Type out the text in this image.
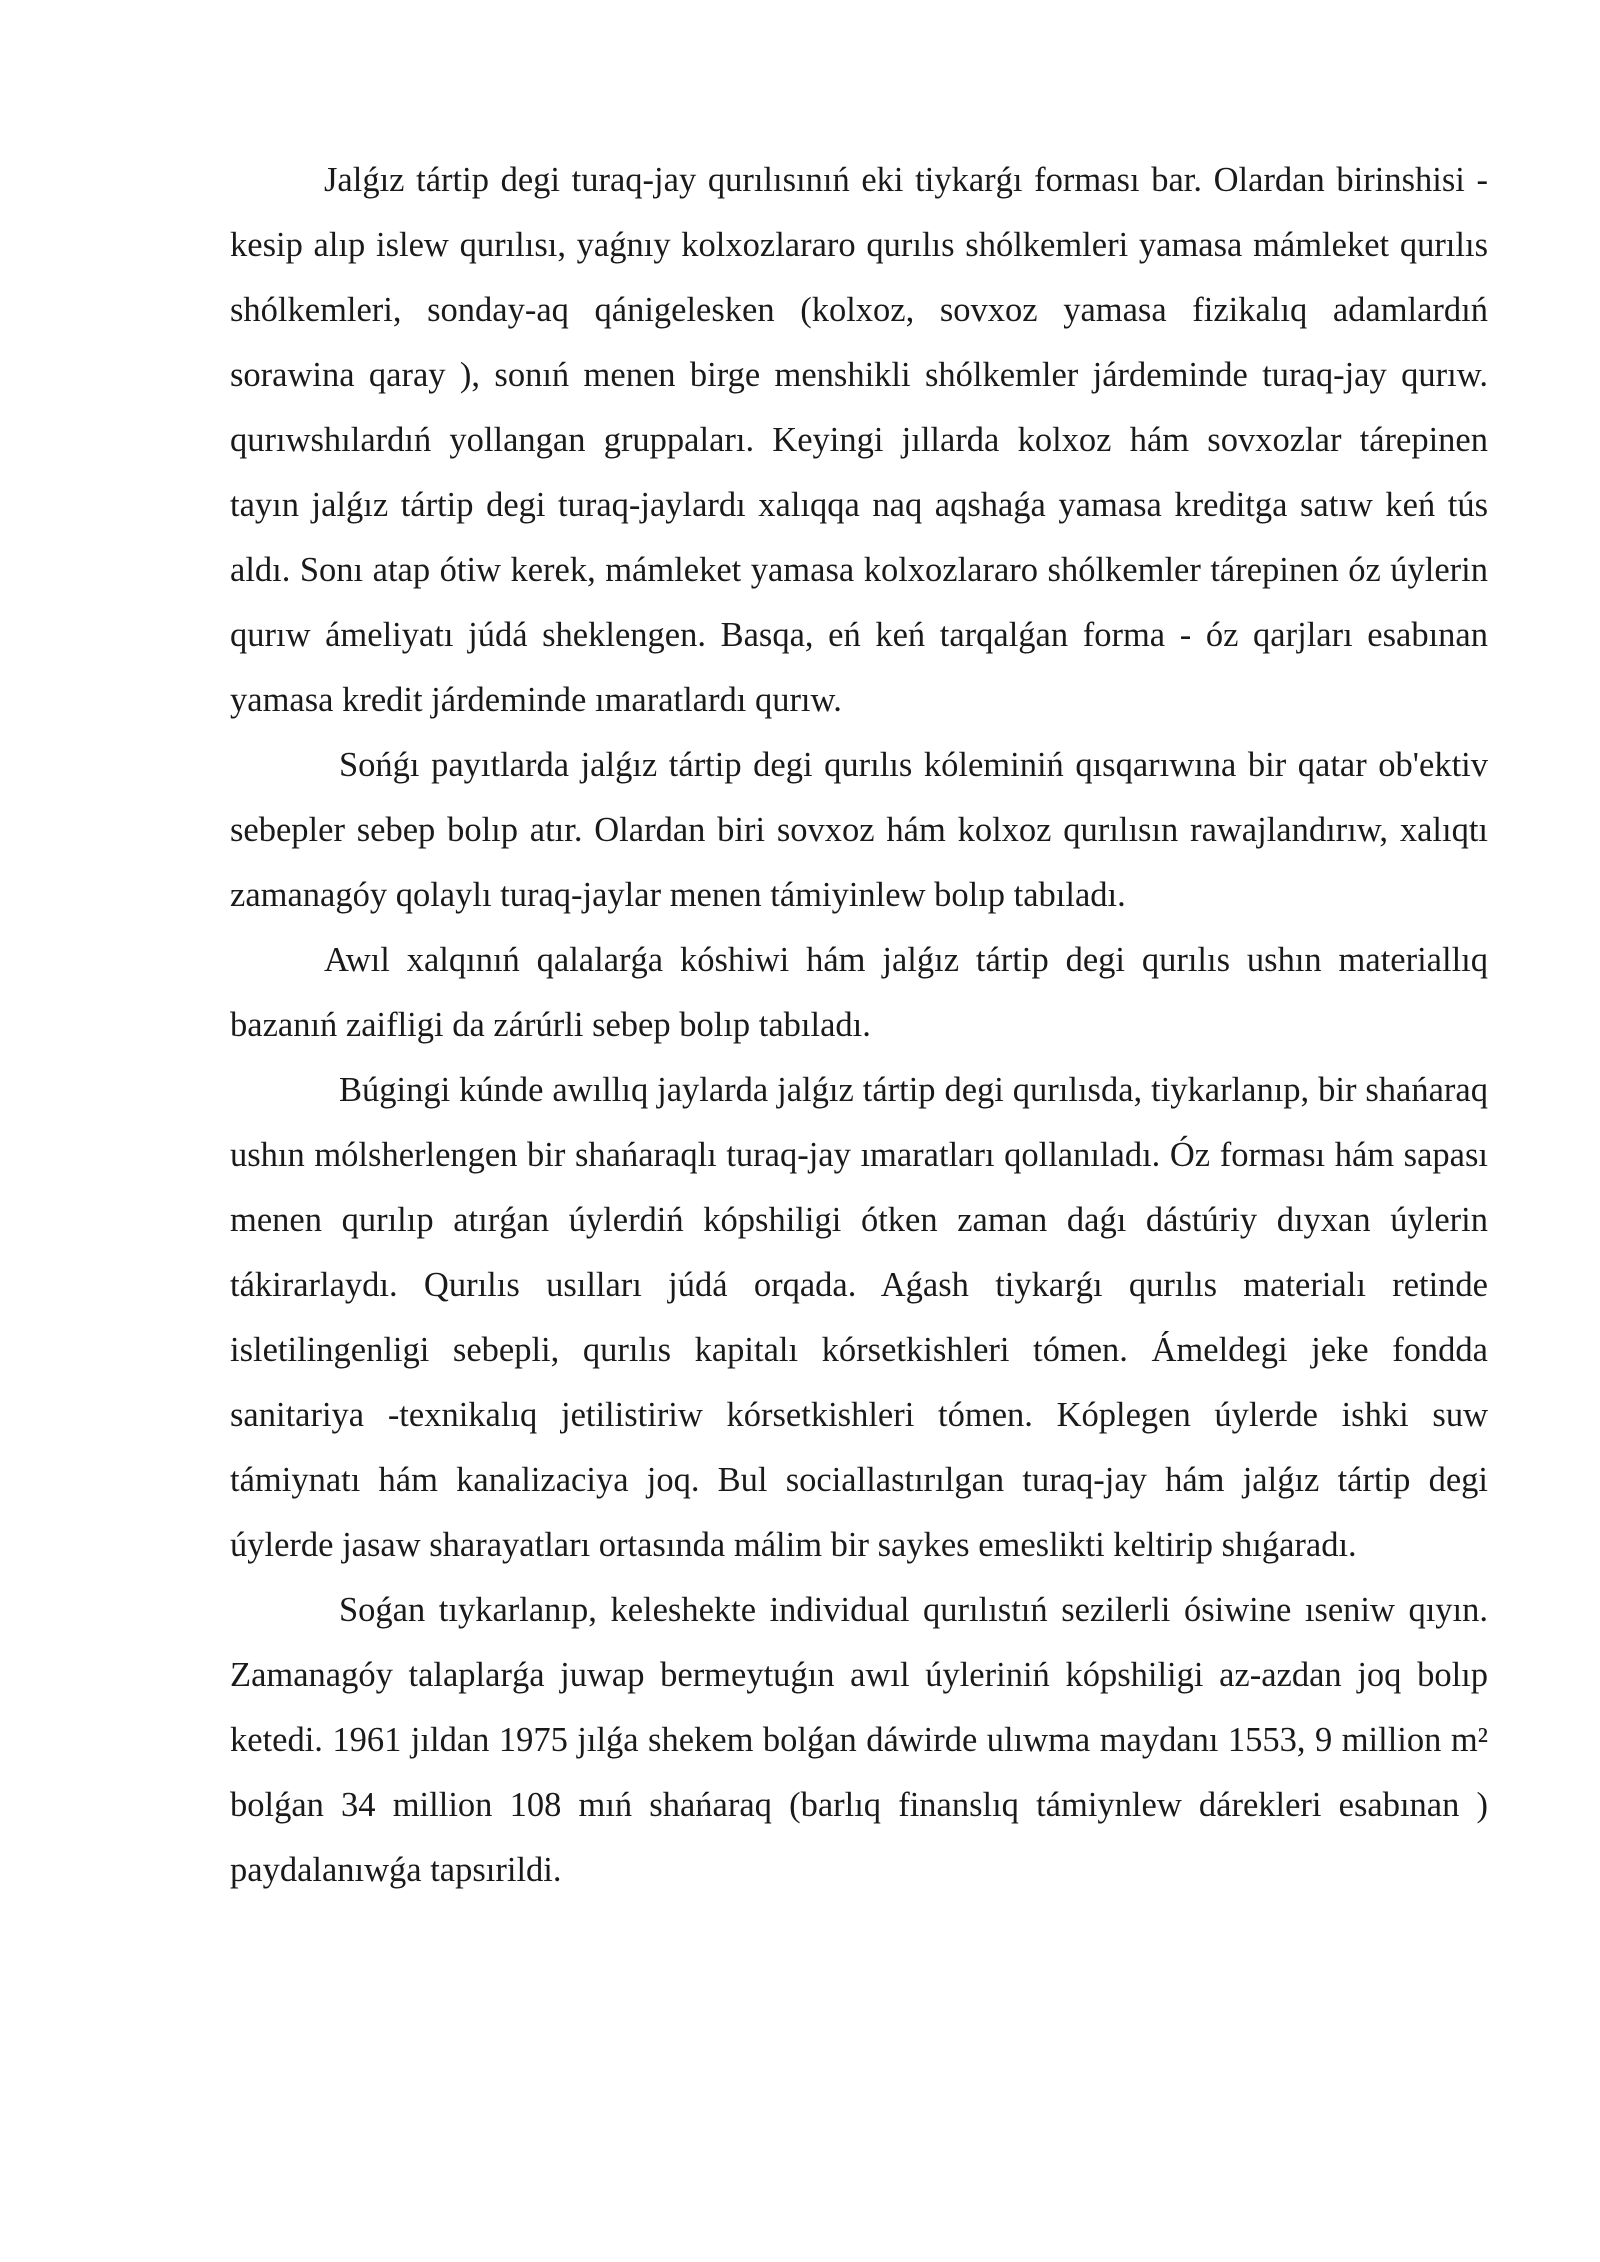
Jalǵız tártip degi turaq-jay qurılısınıń eki tiykarǵı forması bar. Olardan birinshisi - kesip alıp islew qurılısı, yaǵnıy kolxozlararo qurılıs shólkemleri yamasa mámleket qurılıs shólkemleri, sonday-aq qánigelesken (kolxoz, sovxoz yamasa fizikalıq adamlardıń sorawina qaray ), sonıń menen birge menshikli shólkemler járdeminde turaq-jay qurıw. qurıwshılardıń yollangan gruppaları. Keyingi jıllarda kolxoz hám sovxozlar tárepinen tayın jalǵız tártip degi turaq-jaylardı xalıqqa naq aqshaǵa yamasa kreditga satıw keń tús aldı. Sonı atap ótiw kerek, mámleket yamasa kolxozlararo shólkemler tárepinen óz úylerin qurıw ámeliyatı júdá sheklengen. Basqa, eń keń tarqalǵan forma - óz qarjları esabınan yamasa kredit járdeminde ımaratlardı qurıw.

Sońǵı payıtlarda jalǵız tártip degi qurılıs kóleminiń qısqarıwına bir qatar ob'ektiv sebepler sebep bolıp atır. Olardan biri sovxoz hám kolxoz qurılısın rawajlandırıw, xalıqtı zamanagóy qolaylı turaq-jaylar menen támiyinlew bolıp tabıladı.

Awıl xalqınıń qalalarǵa kóshiwi hám jalǵız tártip degi qurılıs ushın materiallıq bazanıń zaifligi da zárúrli sebep bolıp tabıladı.

Búgingi kúnde awıllıq jaylarda jalǵız tártip degi qurılısda, tiykarlanıp, bir shańaraq ushın mólsherlengen bir shańaraqlı turaq-jay ımaratları qollanıladı. Óz forması hám sapası menen qurılıp atırǵan úylerdiń kópshiligi ótken zaman daǵı dástúriy dıyxan úylerin tákirarlaydı. Qurılıs usılları júdá orqada. Aǵash tiykarǵı qurılıs materialı retinde isletilingenligi sebepli, qurılıs kapitalı kórsetkishleri tómen. Ámeldegi jeke fondda sanitariya -texnikalıq jetilistiriw kórsetkishleri tómen. Kóplegen úylerde ishki suw támiynatı hám kanalizaciya joq. Bul sociallastırılgan turaq-jay hám jalǵız tártip degi úylerde jasaw sharayatları ortasında málim bir saykes emeslikti keltirip shıǵaradı.

Soǵan tıykarlanıp, keleshekte individual qurılıstıń sezilerli ósiwine ıseniw qıyın. Zamanagóy talaplarǵa juwap bermeytuǵın awıl úyleriniń kópshiligi az-azdan joq bolıp ketedi. 1961 jıldan 1975 jılǵa shekem bolǵan dáwirde ulıwma maydanı 1553, 9 million m² bolǵan 34 million 108 mıń shańaraq (barlıq finanslıq támiynlew dárekleri esabınan ) paydalanıwǵa tapsırildi.
